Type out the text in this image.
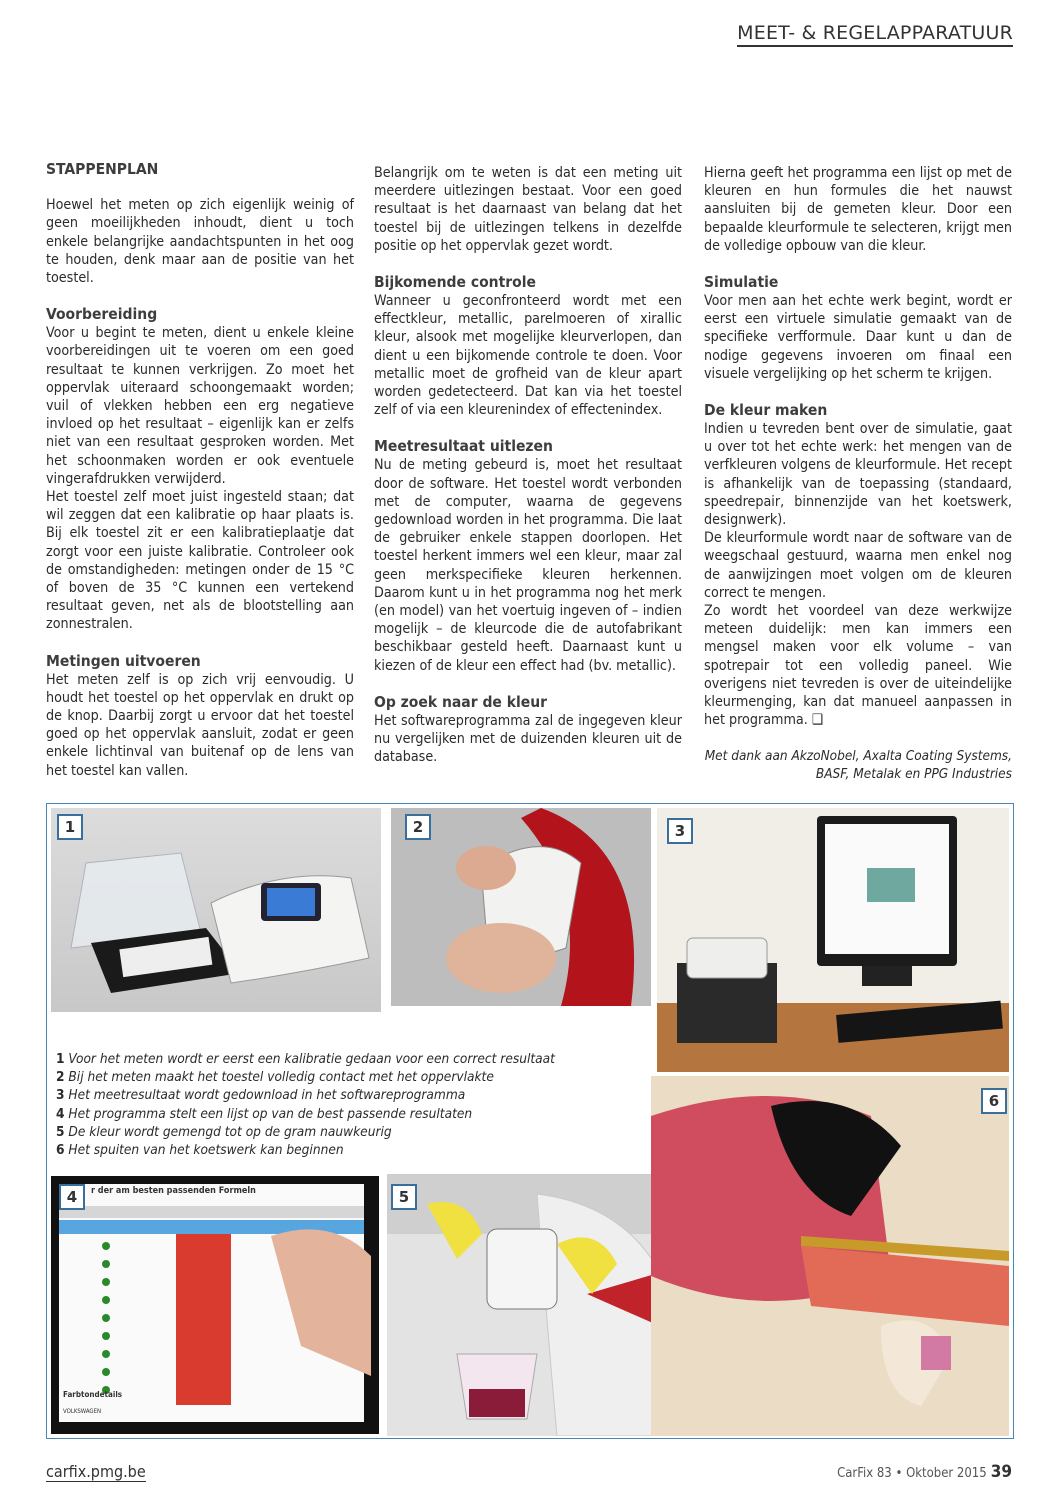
MEET- & REGELAPPARATUUR
STAPPENPLAN

Hoewel het meten op zich eigenlijk weinig of geen moeilijkheden inhoudt, dient u toch enkele belangrijke aandachtspunten in het oog te houden, denk maar aan de positie van het toestel.

Voorbereiding

Voor u begint te meten, dient u enkele kleine voorbereidingen uit te voeren om een goed resultaat te kunnen verkrijgen. Zo moet het oppervlak uiteraard schoongemaakt worden; vuil of vlekken hebben een erg negatieve invloed op het resultaat – eigenlijk kan er zelfs niet van een resultaat gesproken worden. Met het schoonmaken worden er ook eventuele vingerafdrukken verwijderd.

Het toestel zelf moet juist ingesteld staan; dat wil zeggen dat een kalibratie op haar plaats is. Bij elk toestel zit er een kalibratieplaatje dat zorgt voor een juiste kalibratie. Controleer ook de omstandigheden: metingen onder de 15 °C of boven de 35 °C kunnen een vertekend resultaat geven, net als de blootstelling aan zonnestralen.

Metingen uitvoeren

Het meten zelf is op zich vrij eenvoudig. U houdt het toestel op het oppervlak en drukt op de knop. Daarbij zorgt u ervoor dat het toestel goed op het oppervlak aansluit, zodat er geen enkele lichtinval van buitenaf op de lens van het toestel kan vallen.

Belangrijk om te weten is dat een meting uit meerdere uitlezingen bestaat. Voor een goed resultaat is het daarnaast van belang dat het toestel bij de uitlezingen telkens in dezelfde positie op het oppervlak gezet wordt.

Bijkomende controle

Wanneer u geconfronteerd wordt met een effectkleur, metallic, parelmoeren of xirallic kleur, alsook met mogelijke kleurverlopen, dan dient u een bijkomende controle te doen. Voor metallic moet de grofheid van de kleur apart worden gedetecteerd. Dat kan via het toestel zelf of via een kleurenindex of effectenindex.

Meetresultaat uitlezen

Nu de meting gebeurd is, moet het resultaat door de software. Het toestel wordt verbonden met de computer, waarna de gegevens gedownload worden in het programma. Die laat de gebruiker enkele stappen doorlopen. Het toestel herkent immers wel een kleur, maar zal geen merkspecifieke kleuren herkennen. Daarom kunt u in het programma nog het merk (en model) van het voertuig ingeven of – indien mogelijk – de kleurcode die de autofabrikant beschikbaar gesteld heeft. Daarnaast kunt u kiezen of de kleur een effect had (bv. metallic).

Op zoek naar de kleur

Het softwareprogramma zal de ingegeven kleur nu vergelijken met de duizenden kleuren uit de database.

Hierna geeft het programma een lijst op met de kleuren en hun formules die het nauwst aansluiten bij de gemeten kleur. Door een bepaalde kleurformule te selecteren, krijgt men de volledige opbouw van die kleur.

Simulatie

Voor men aan het echte werk begint, wordt er eerst een virtuele simulatie gemaakt van de specifieke verfformule. Daar kunt u dan de nodige gegevens invoeren om finaal een visuele vergelijking op het scherm te krijgen.

De kleur maken

Indien u tevreden bent over de simulatie, gaat u over tot het echte werk: het mengen van de verfkleuren volgens de kleurformule. Het recept is afhankelijk van de toepassing (standaard, speedrepair, binnenzijde van het koetswerk, designwerk).

De kleurformule wordt naar de software van de weegschaal gestuurd, waarna men enkel nog de aanwijzingen moet volgen om de kleuren correct te mengen.

Zo wordt het voordeel van deze werkwijze meteen duidelijk: men kan immers een mengsel maken voor elk volume – van spotrepair tot een volledig paneel. Wie overigens niet tevreden is over de uiteindelijke kleurmenging, kan dat manueel aanpassen in het programma. ❑

Met dank aan AkzoNobel, Axalta Coating Systems,
BASF, Metalak en PPG Industries
1	2	3
r der am besten passenden Formeln
Farbtondetails
VOLKSWAGEN
4	5
6
1 Voor het meten wordt er eerst een kalibratie gedaan voor een correct resultaat
2 Bij het meten maakt het toestel volledig contact met het oppervlakte
3 Het meetresultaat wordt gedownload in het softwareprogramma
4 Het programma stelt een lijst op van de best passende resultaten
5 De kleur wordt gemengd tot op de gram nauwkeurig
6 Het spuiten van het koetswerk kan beginnen
carfix.pmg.be	CarFix 83 • Oktober 2015 39
